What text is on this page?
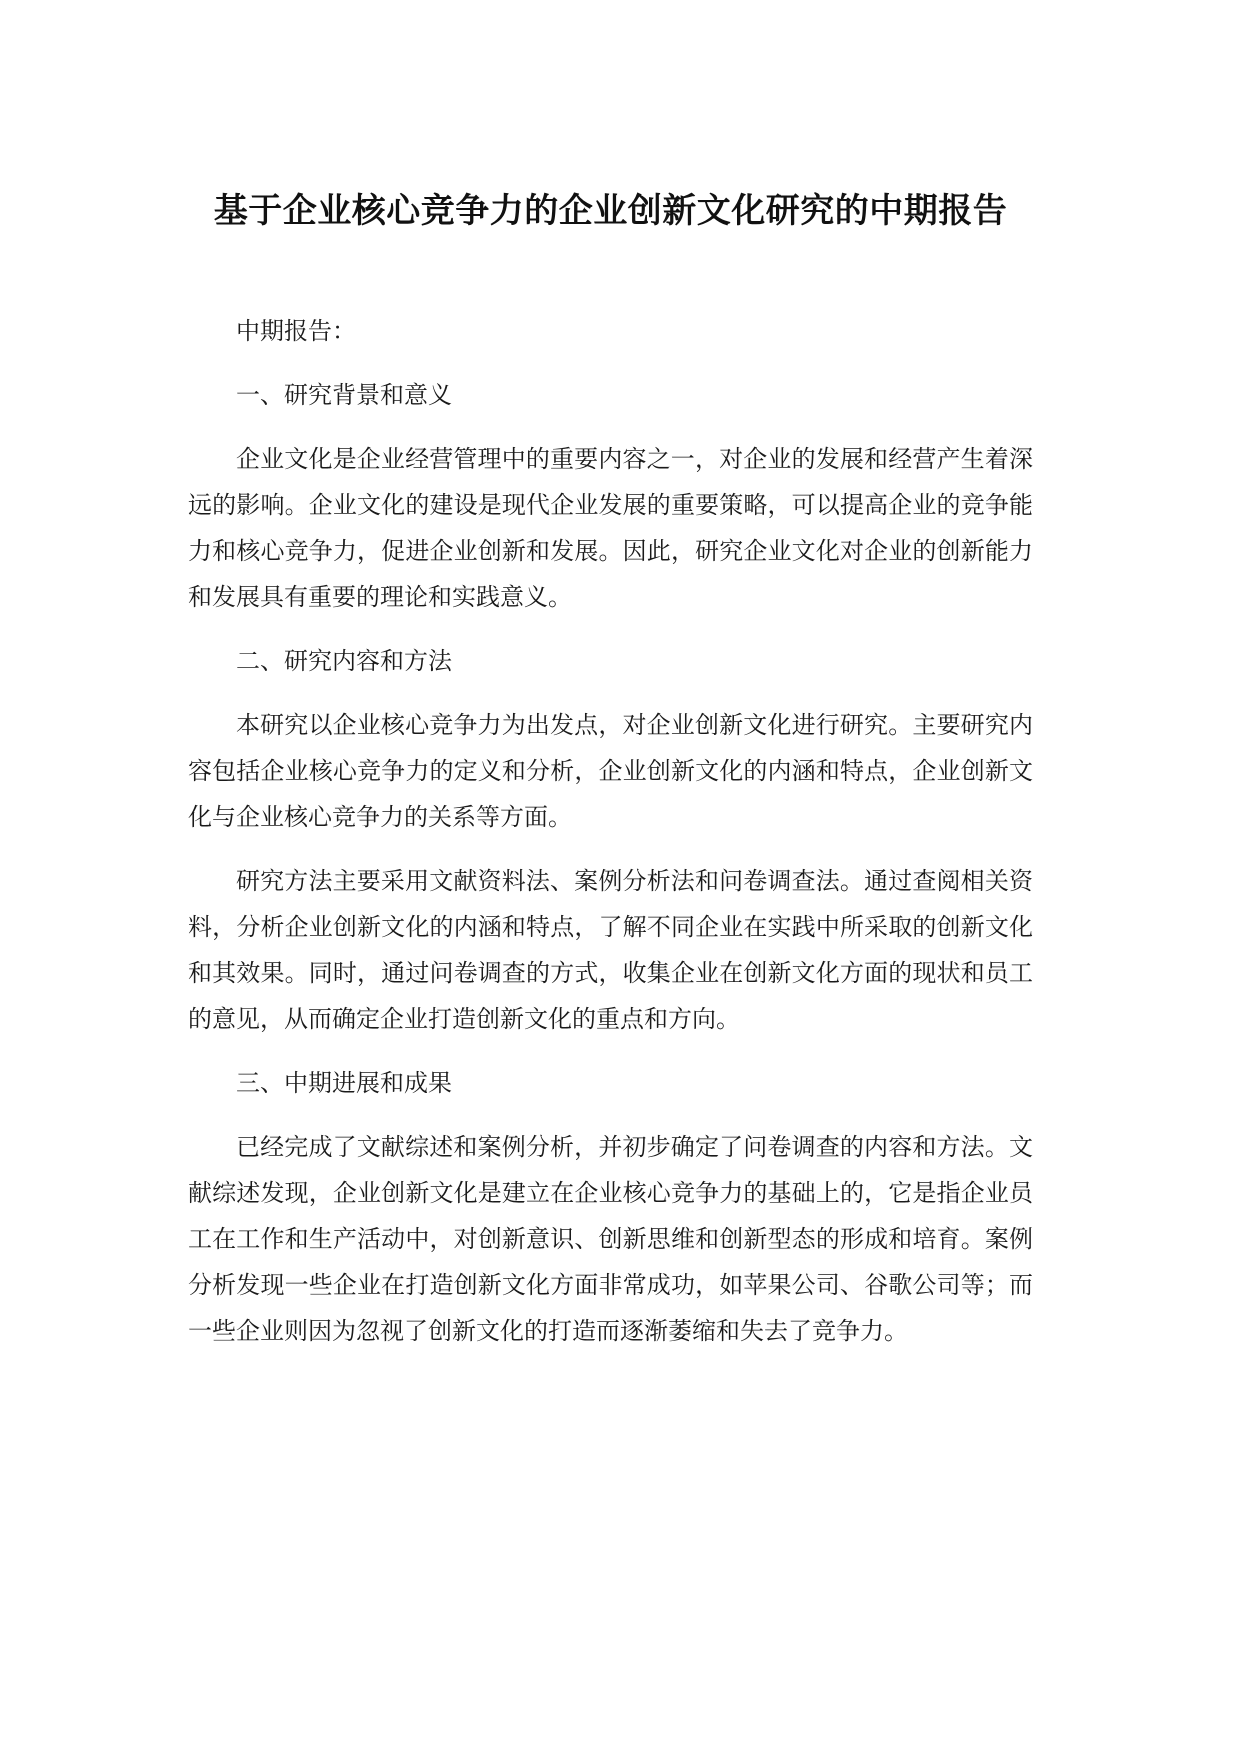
基于企业核心竞争力的企业创新文化研究的中期报告

中期报告：

一、研究背景和意义

企业文化是企业经营管理中的重要内容之一，对企业的发展和经营产生着深远的影响。企业文化的建设是现代企业发展的重要策略，可以提高企业的竞争能力和核心竞争力，促进企业创新和发展。因此，研究企业文化对企业的创新能力和发展具有重要的理论和实践意义。

二、研究内容和方法

本研究以企业核心竞争力为出发点，对企业创新文化进行研究。主要研究内容包括企业核心竞争力的定义和分析，企业创新文化的内涵和特点，企业创新文化与企业核心竞争力的关系等方面。

研究方法主要采用文献资料法、案例分析法和问卷调查法。通过查阅相关资料，分析企业创新文化的内涵和特点，了解不同企业在实践中所采取的创新文化和其效果。同时，通过问卷调查的方式，收集企业在创新文化方面的现状和员工的意见，从而确定企业打造创新文化的重点和方向。

三、中期进展和成果

已经完成了文献综述和案例分析，并初步确定了问卷调查的内容和方法。文献综述发现，企业创新文化是建立在企业核心竞争力的基础上的，它是指企业员工在工作和生产活动中，对创新意识、创新思维和创新型态的形成和培育。案例分析发现一些企业在打造创新文化方面非常成功，如苹果公司、谷歌公司等；而一些企业则因为忽视了创新文化的打造而逐渐萎缩和失去了竞争力。
